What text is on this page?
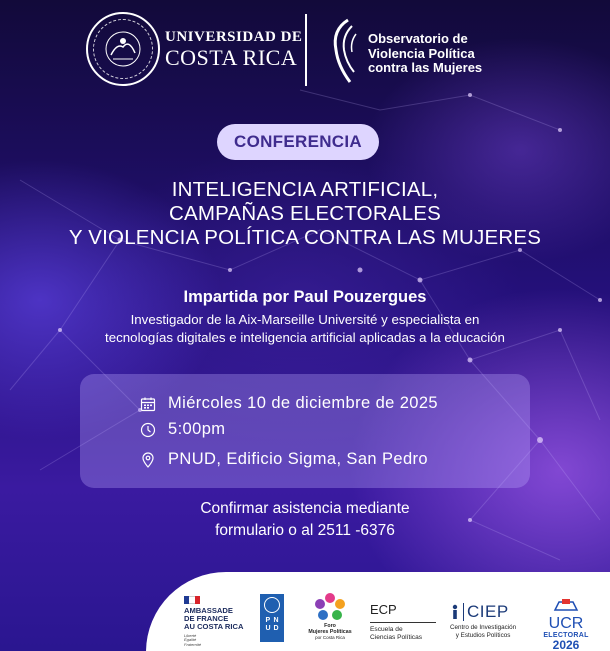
UNIVERSIDAD DE
COSTA RICA
Observatorio de
Violencia Política
contra las Mujeres
CONFERENCIA
INTELIGENCIA ARTIFICIAL,
CAMPAÑAS ELECTORALES
Y VIOLENCIA POLÍTICA CONTRA LAS MUJERES
Impartida por Paul Pouzergues
Investigador de la Aix-Marseille Université y especialista en
tecnologías digitales e inteligencia artificial aplicadas a la educación
Miércoles 10 de diciembre de 2025
5:00pm
PNUD, Edificio Sigma, San Pedro
Confirmar asistencia mediante
formulario o al 2511 -6376
AMBASSADE
DE FRANCE
AU COSTA RICA
Liberté
Égalité
Fraternité
P N
U D	Foro
Mujeres Políticas
por Costa Rica
ECP
Escuela de
Ciencias Políticas
CIEP
Centro de Investigación
y Estudios Políticos
UCR
ELECTORAL
2026
